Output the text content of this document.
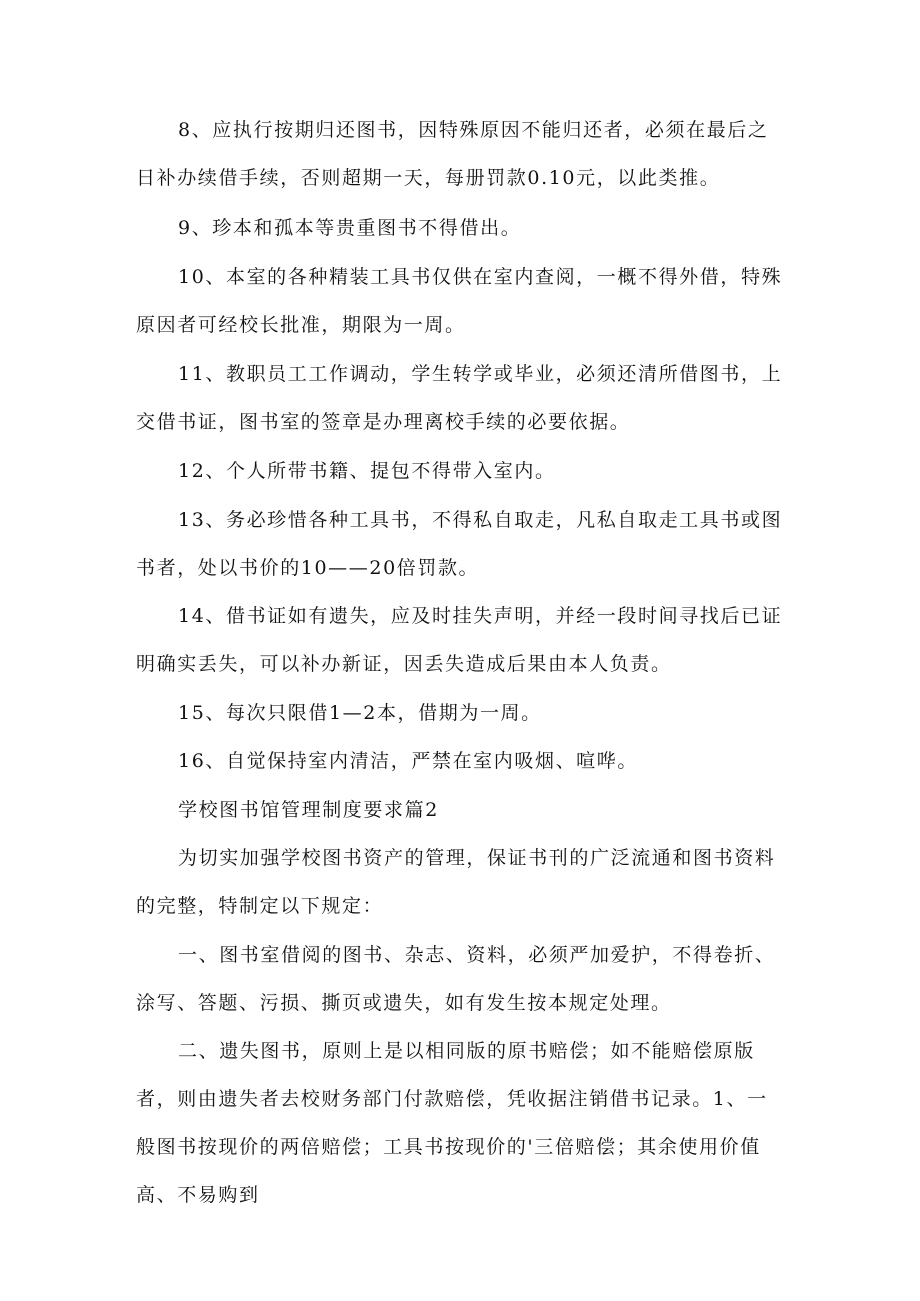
8、应执行按期归还图书，因特殊原因不能归还者，必须在最后之日补办续借手续，否则超期一天，每册罚款0.10元，以此类推。

9、珍本和孤本等贵重图书不得借出。

10、本室的各种精装工具书仅供在室内查阅，一概不得外借，特殊原因者可经校长批准，期限为一周。

11、教职员工工作调动，学生转学或毕业，必须还清所借图书，上交借书证，图书室的签章是办理离校手续的必要依据。

12、个人所带书籍、提包不得带入室内。

13、务必珍惜各种工具书，不得私自取走，凡私自取走工具书或图书者，处以书价的10——20倍罚款。

14、借书证如有遗失，应及时挂失声明，并经一段时间寻找后已证明确实丢失，可以补办新证，因丢失造成后果由本人负责。

15、每次只限借1—2本，借期为一周。

16、自觉保持室内清洁，严禁在室内吸烟、喧哗。

学校图书馆管理制度要求篇2

为切实加强学校图书资产的管理，保证书刊的广泛流通和图书资料的完整，特制定以下规定：

一、图书室借阅的图书、杂志、资料，必须严加爱护，不得卷折、涂写、答题、污损、撕页或遗失，如有发生按本规定处理。

二、遗失图书，原则上是以相同版的原书赔偿；如不能赔偿原版者，则由遗失者去校财务部门付款赔偿，凭收据注销借书记录。1、一般图书按现价的两倍赔偿；工具书按现价的'三倍赔偿；其余使用价值高、不易购到
